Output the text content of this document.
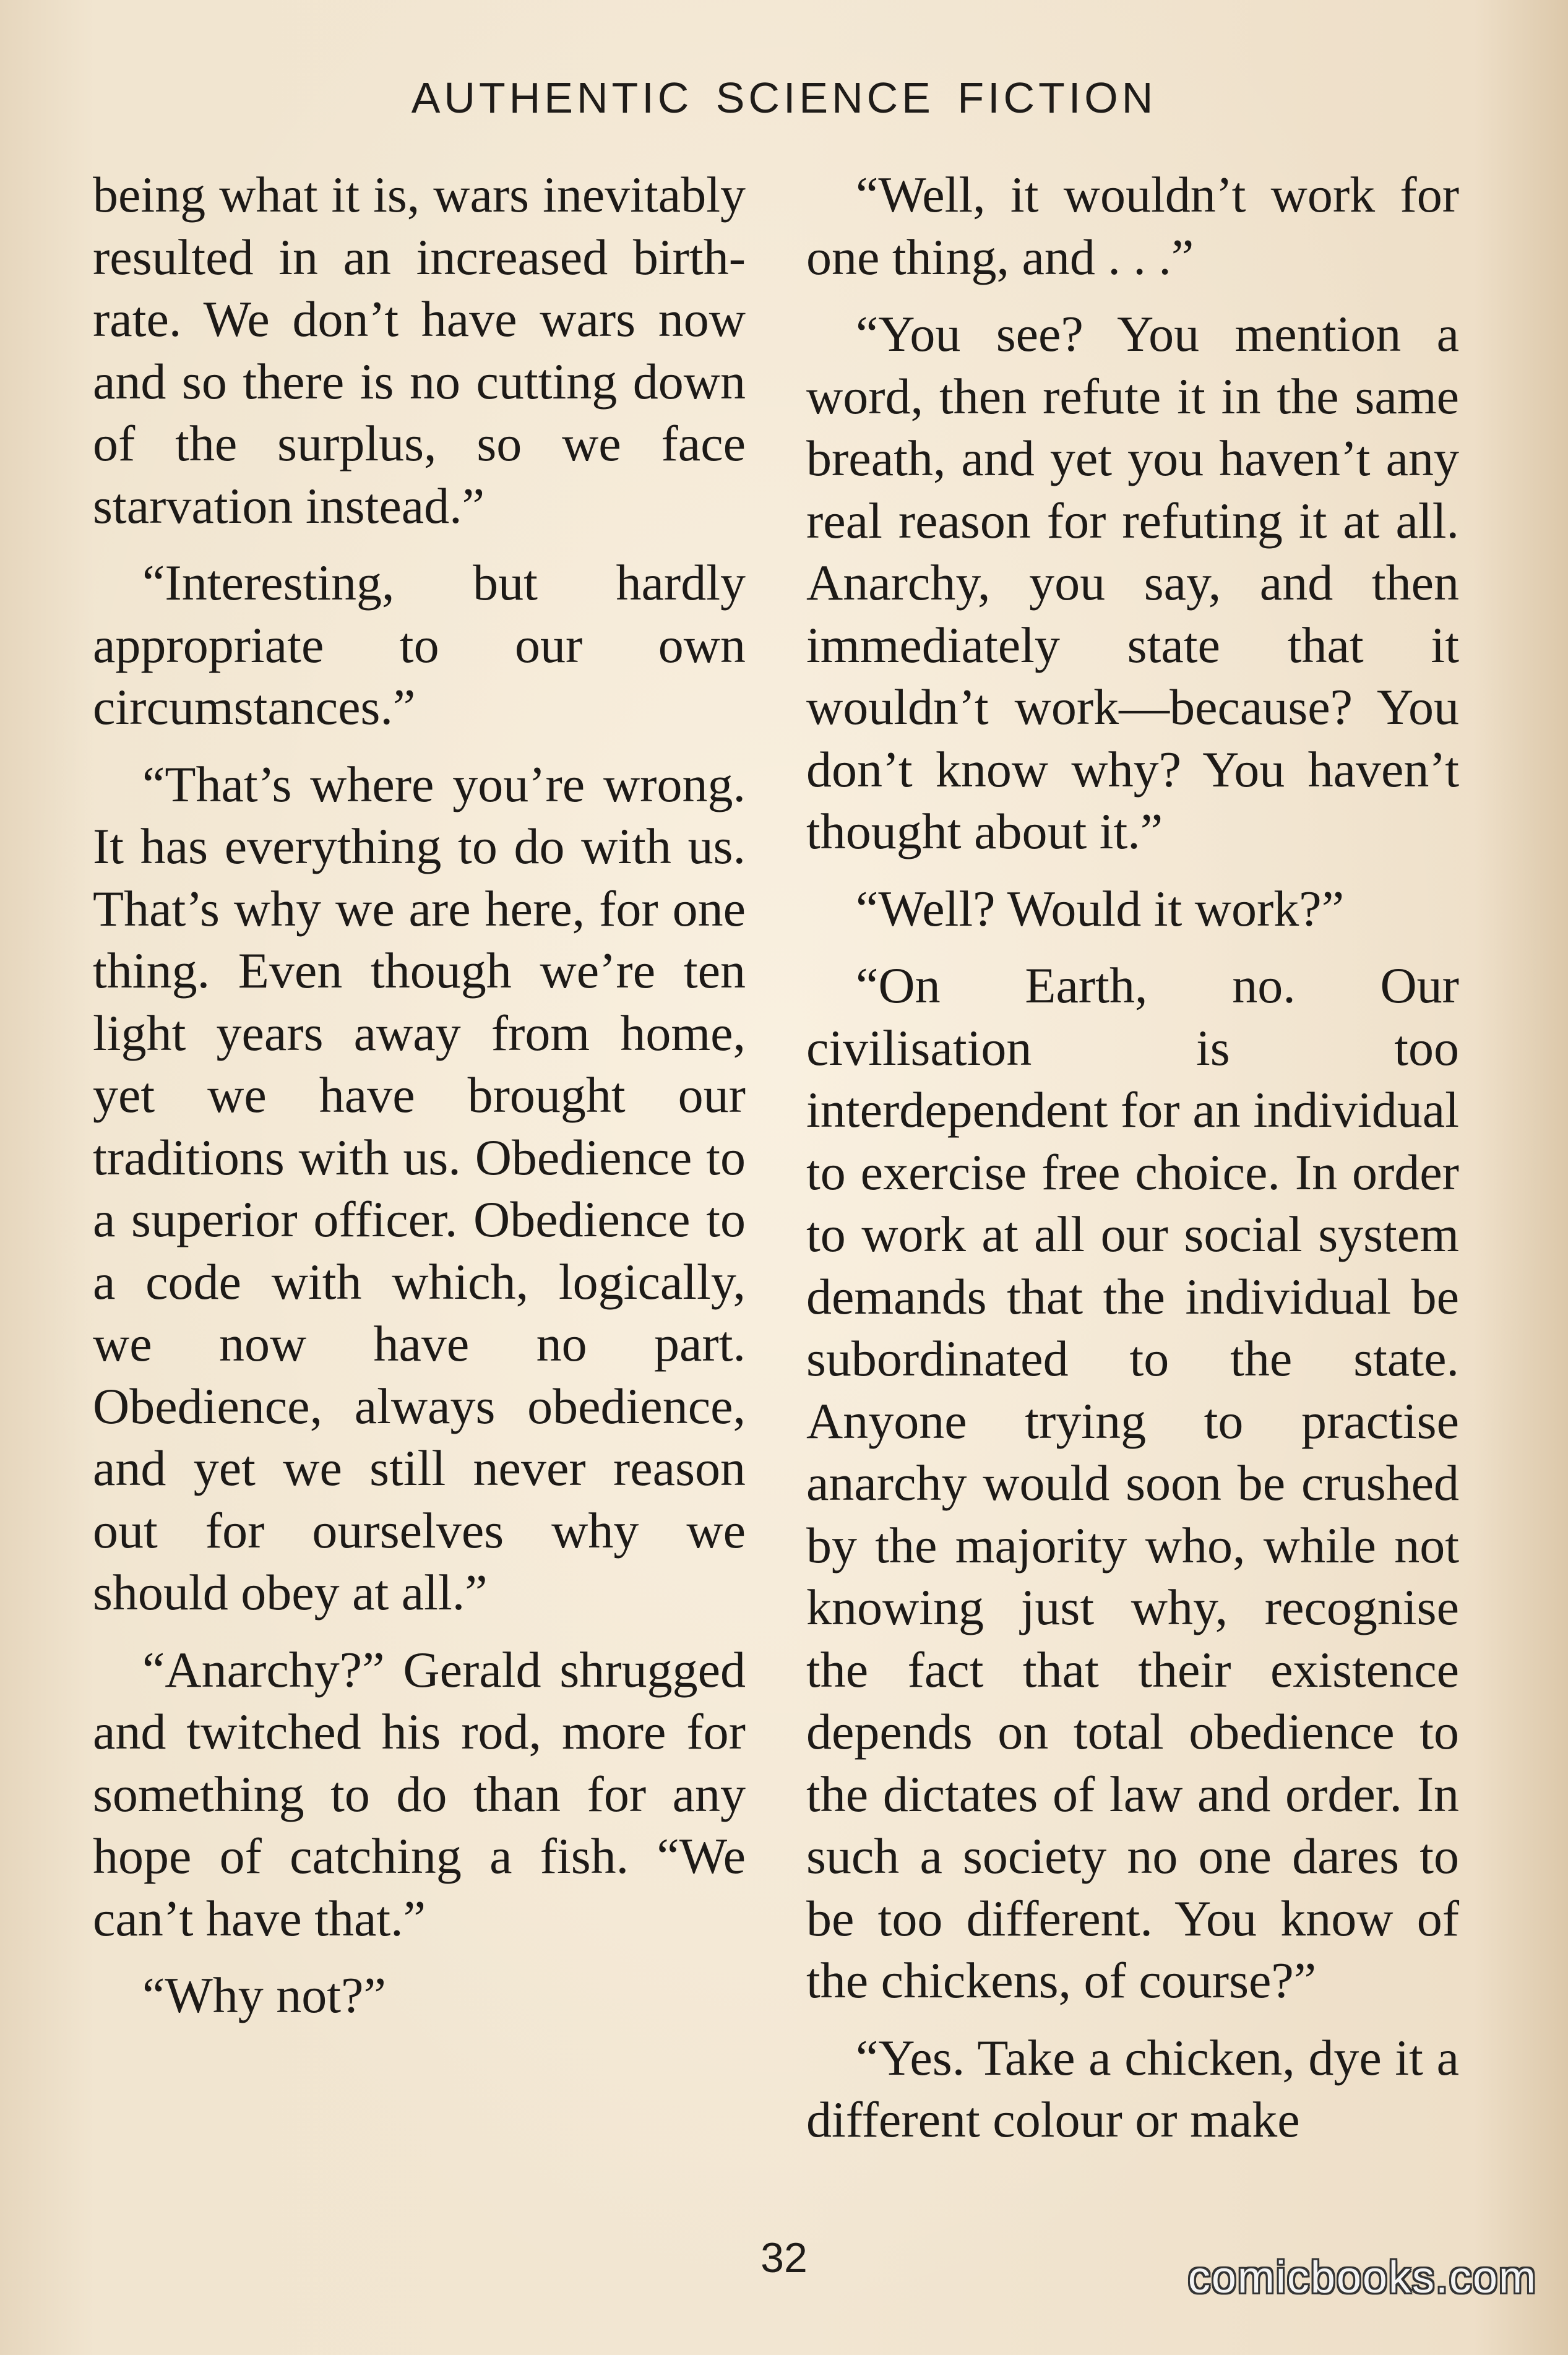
AUTHENTIC SCIENCE FICTION

being what it is, wars inevitably resulted in an increased birth-rate. We don’t have wars now and so there is no cutting down of the surplus, so we face starvation instead.”

“Interesting, but hardly appropriate to our own circumstances.”

“That’s where you’re wrong. It has everything to do with us. That’s why we are here, for one thing. Even though we’re ten light years away from home, yet we have brought our traditions with us. Obedience to a superior officer. Obedience to a code with which, logically, we now have no part. Obedience, always obedience, and yet we still never reason out for ourselves why we should obey at all.”

“Anarchy?” Gerald shrugged and twitched his rod, more for something to do than for any hope of catching a fish. “We can’t have that.”

“Why not?”

“Well, it wouldn’t work for one thing, and . . .”

“You see? You mention a word, then refute it in the same breath, and yet you haven’t any real reason for refuting it at all. Anarchy, you say, and then immediately state that it wouldn’t work—because? You don’t know why? You haven’t thought about it.”

“Well? Would it work?”

“On Earth, no. Our civilisation is too interdependent for an individual to exercise free choice. In order to work at all our social system demands that the individual be subordinated to the state. Anyone trying to practise anarchy would soon be crushed by the majority who, while not knowing just why, recognise the fact that their existence depends on total obedience to the dictates of law and order. In such a society no one dares to be too different. You know of the chickens, of course?”

“Yes. Take a chicken, dye it a different colour or make

32	comicbooks.com
